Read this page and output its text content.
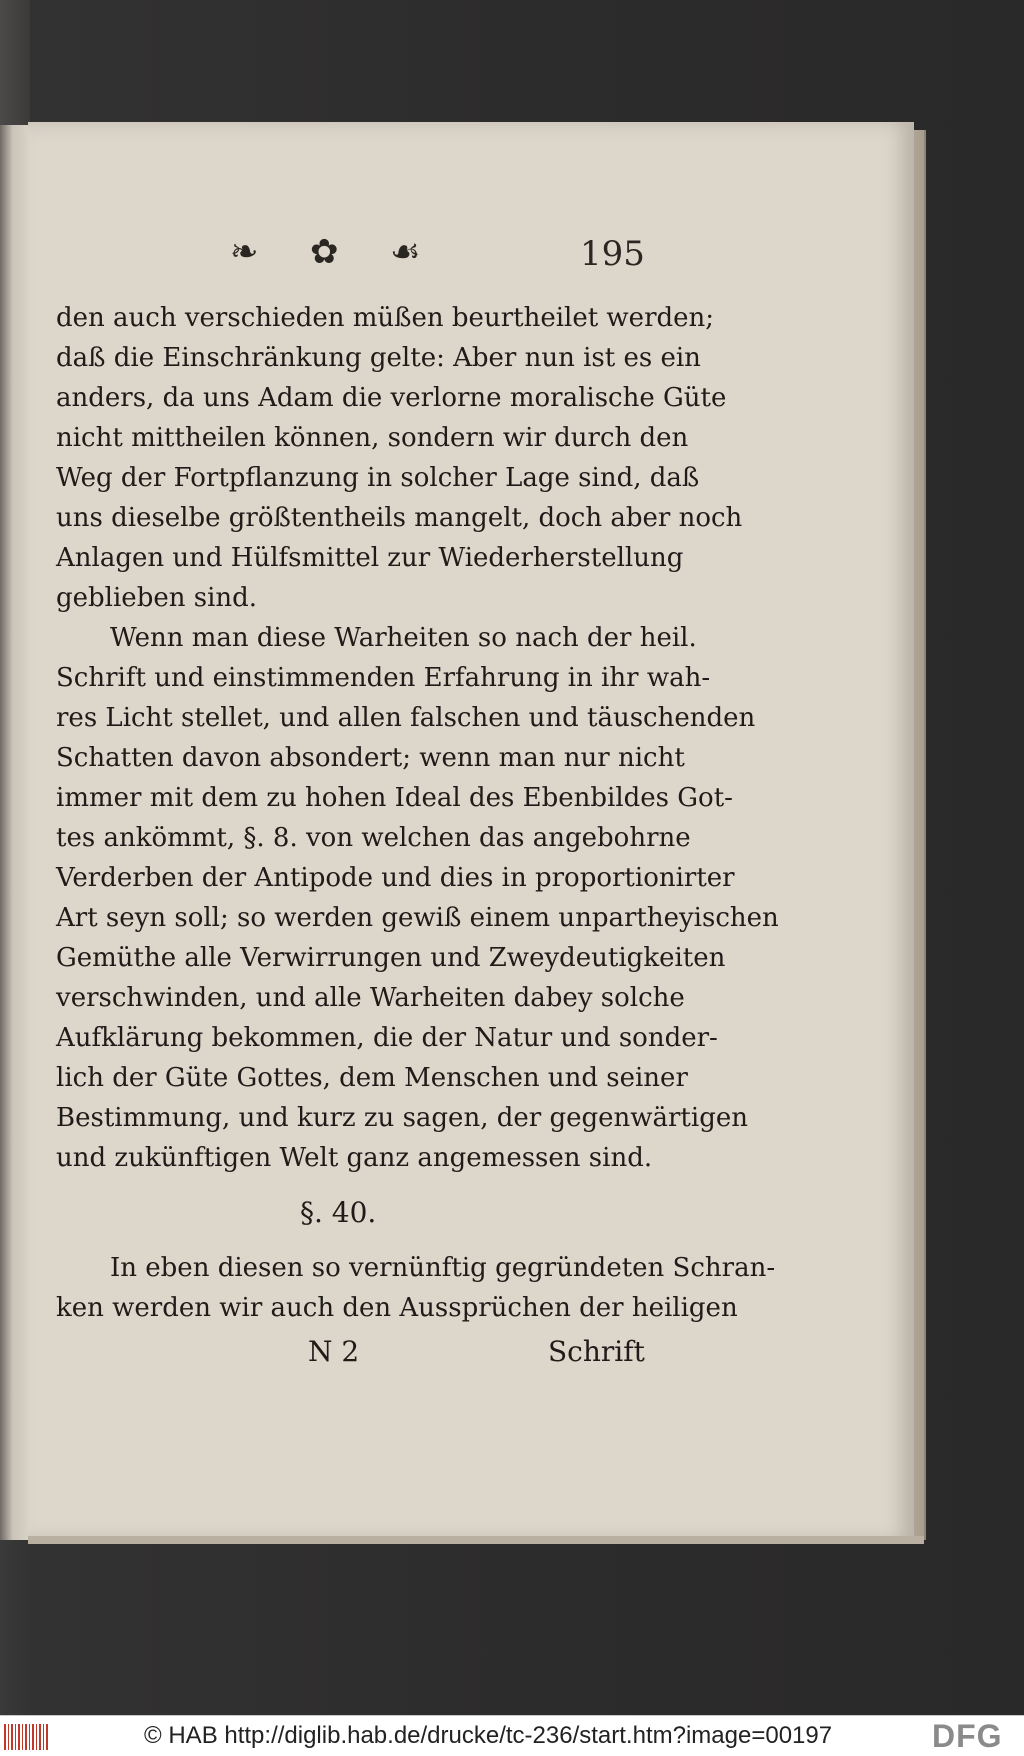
❧ ✿ ☙	195
den auch verschieden müßen beurtheilet werden;
daß die Einschränkung gelte: Aber nun ist es ein
anders, da uns Adam die verlorne moralische Güte
nicht mittheilen können, sondern wir durch den
Weg der Fortpflanzung in solcher Lage sind, daß
uns dieselbe größtentheils mangelt, doch aber noch
Anlagen und Hülfsmittel zur Wiederherstellung
geblieben sind.
Wenn man diese Warheiten so nach der heil.
Schrift und einstimmenden Erfahrung in ihr wah-
res Licht stellet, und allen falschen und täuschenden
Schatten davon absondert; wenn man nur nicht
immer mit dem zu hohen Ideal des Ebenbildes Got-
tes ankömmt, §. 8. von welchen das angebohrne
Verderben der Antipode und dies in proportionirter
Art seyn soll; so werden gewiß einem unpartheyischen
Gemüthe alle Verwirrungen und Zweydeutigkeiten
verschwinden, und alle Warheiten dabey solche
Aufklärung bekommen, die der Natur und sonder-
lich der Güte Gottes, dem Menschen und seiner
Bestimmung, und kurz zu sagen, der gegenwärtigen
und zukünftigen Welt ganz angemessen sind.
§. 40.
In eben diesen so vernünftig gegründeten Schran-
ken werden wir auch den Aussprüchen der heiligen
N 2	Schrift
© HAB http://diglib.hab.de/drucke/tc-236/start.htm?image=00197	DFG
